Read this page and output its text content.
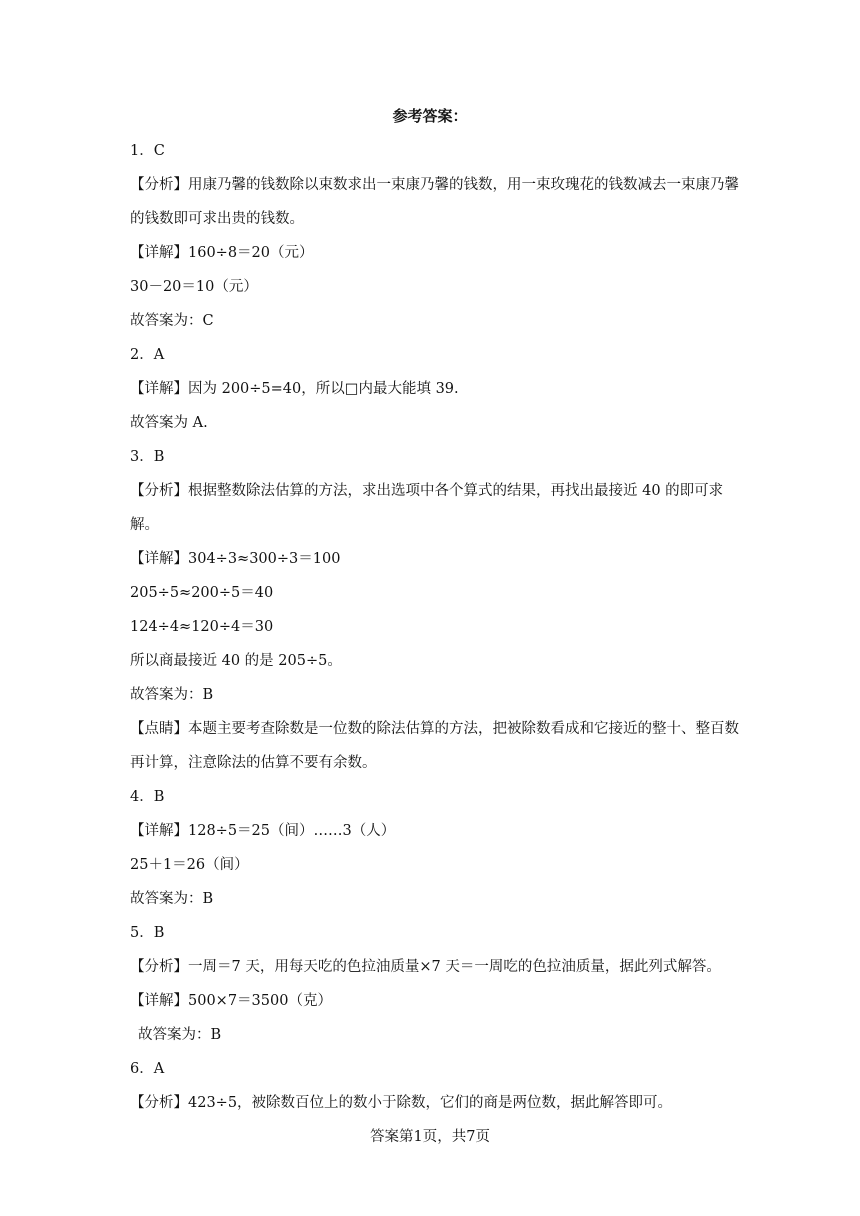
参考答案：
1．C
【分析】用康乃馨的钱数除以束数求出一束康乃馨的钱数，用一束玫瑰花的钱数减去一束康乃馨的钱数即可求出贵的钱数。
【详解】160÷8＝20（元）
30－20＝10（元）
故答案为：C
2．A
【详解】因为 200÷5=40，所以□内最大能填 39.
故答案为 A.
3．B
【分析】根据整数除法估算的方法，求出选项中各个算式的结果，再找出最接近 40 的即可求解。
【详解】304÷3≈300÷3＝100
205÷5≈200÷5＝40
124÷4≈120÷4＝30
所以商最接近 40 的是 205÷5。
故答案为：B
【点睛】本题主要考查除数是一位数的除法估算的方法，把被除数看成和它接近的整十、整百数再计算，注意除法的估算不要有余数。
4．B
【详解】128÷5＝25（间）……3（人）
25＋1＝26（间）
故答案为：B
5．B
【分析】一周＝7 天，用每天吃的色拉油质量×7 天＝一周吃的色拉油质量，据此列式解答。
【详解】500×7＝3500（克）
故答案为：B
6．A
【分析】423÷5，被除数百位上的数小于除数，它们的商是两位数，据此解答即可。
答案第1页，共7页
